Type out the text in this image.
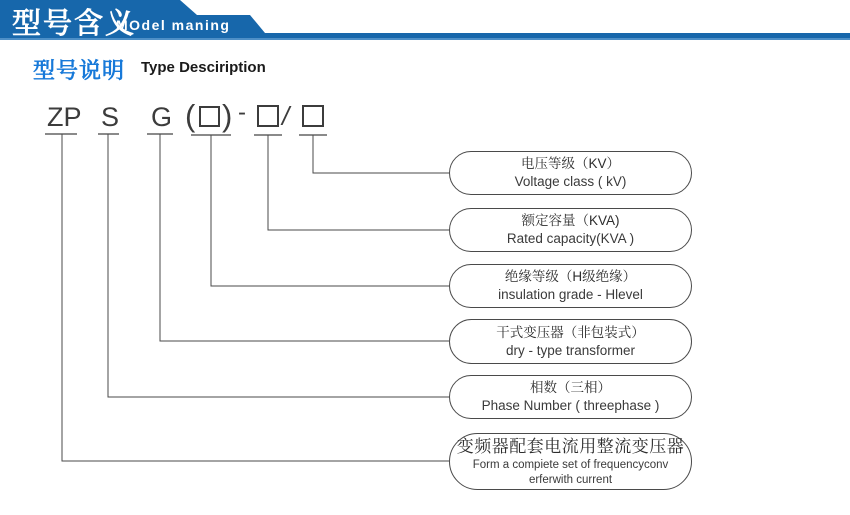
型号含义
MOdel maning
型号说明 Type Desciription
ZP S G ( ) - /
电压等级（KV）
Voltage class ( kV)
额定容量（KVA)
Rated capacity(KVA )
绝缘等级（H级绝缘）
insulation grade - Hlevel
干式变压器（非包装式）
dry - type transformer
相数（三相）
Phase Number ( threephase )
变频器配套电流用整流变压器
Form a compiete set of frequencyconv
erferwith current
